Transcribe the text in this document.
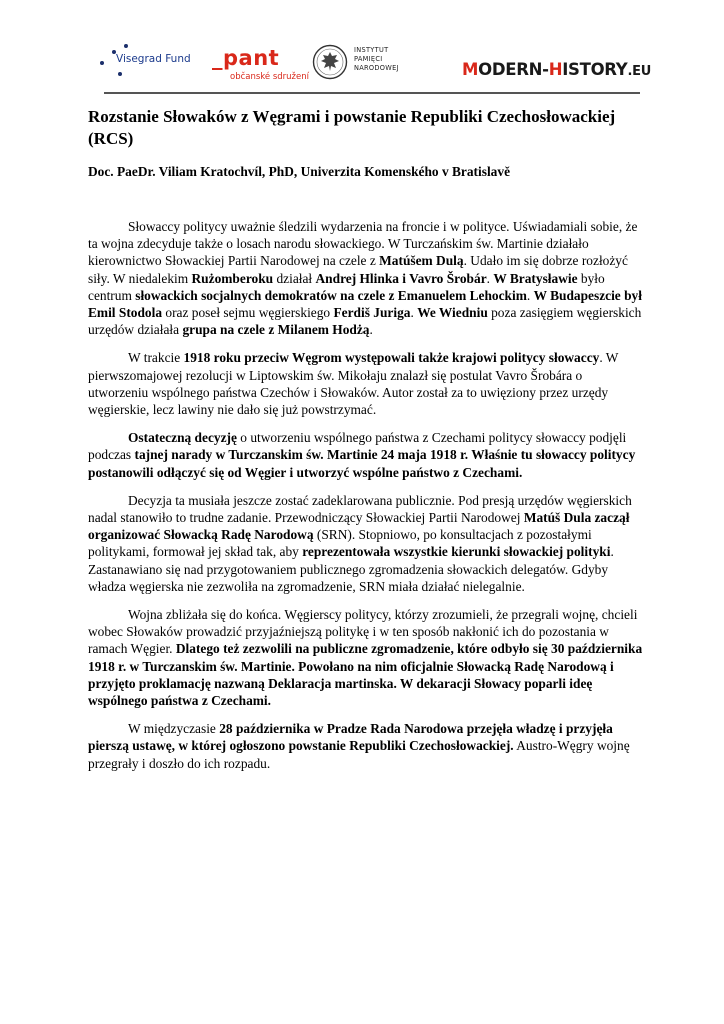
Visegrad Fund _pant
občanské sdružení
INSTYTUT
PAMIĘCI
NARODOWEJ	MODERN-HISTORY.EU
Rozstanie Słowaków z Węgrami i powstanie Republiki Czechosłowackiej (RCS)

Doc. PaeDr. Viliam Kratochvíl, PhD, Univerzita Komenského v Bratislavě

Słowaccy politycy uważnie śledzili wydarzenia na froncie i w polityce. Uświadamiali sobie, że ta wojna zdecyduje także o losach narodu słowackiego. W Turczańskim św. Martinie działało kierownictwo Słowackiej Partii Narodowej na czele z Matúšem Dulą. Udało im się dobrze rozłożyć siły. W niedalekim Rużomberoku działał Andrej Hlinka i Vavro Šrobár. W Bratysławie było centrum słowackich socjalnych demokratów na czele z Emanuelem Lehockim. W Budapeszcie był Emil Stodola oraz poseł sejmu węgierskiego Ferdiš Juriga. We Wiedniu poza zasięgiem węgierskich urzędów działała grupa na czele z Milanem Hodżą.

W trakcie 1918 roku przeciw Węgrom występowali także krajowi politycy słowaccy. W pierwszomajowej rezolucji w Liptowskim św. Mikołaju znalazł się postulat Vavro Šrobára o utworzeniu wspólnego państwa Czechów i Słowaków. Autor został za to uwięziony przez urzędy węgierskie, lecz lawiny nie dało się już powstrzymać.

Ostateczną decyzję o utworzeniu wspólnego państwa z Czechami politycy słowaccy podjęli podczas tajnej narady w Turczanskim św. Martinie 24 maja 1918 r. Właśnie tu słowaccy politycy postanowili odłączyć się od Węgier i utworzyć wspólne państwo z Czechami.

Decyzja ta musiała jeszcze zostać zadeklarowana publicznie. Pod presją urzędów węgierskich nadal stanowiło to trudne zadanie. Przewodniczący Słowackiej Partii Narodowej Matúš Dula zaczął organizować Słowacką Radę Narodową (SRN). Stopniowo, po konsultacjach z pozostałymi politykami, formował jej skład tak, aby reprezentowała wszystkie kierunki słowackiej polityki. Zastanawiano się nad przygotowaniem publicznego zgromadzenia słowackich delegatów. Gdyby władza węgierska nie zezwoliła na zgromadzenie, SRN miała działać nielegalnie.

Wojna zbliżała się do końca. Węgierscy politycy, którzy zrozumieli, że przegrali wojnę, chcieli wobec Słowaków prowadzić przyjaźniejszą politykę i w ten sposób nakłonić ich do pozostania w ramach Węgier. Dlatego też zezwolili na publiczne zgromadzenie, które odbyło się 30 października 1918 r. w Turczanskim św. Martinie. Powołano na nim oficjalnie Słowacką Radę Narodową i przyjęto proklamację nazwaną Deklaracja martinska. W dekaracji Słowacy poparli ideę wspólnego państwa z Czechami.

W międzyczasie 28 października w Pradze Rada Narodowa przejęła władzę i przyjęła pierszą ustawę, w której ogłoszono powstanie Republiki Czechosłowackiej. Austro-Węgry wojnę przegrały i doszło do ich rozpadu.
